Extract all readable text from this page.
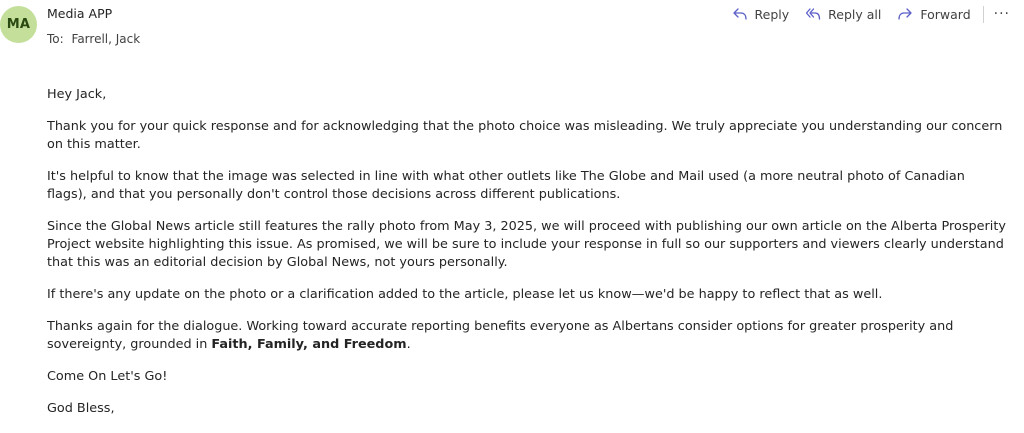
MA
Media APP
To: Farrell, Jack
Reply	Reply all	Forward ···

Hey Jack,

Thank you for your quick response and for acknowledging that the photo choice was misleading. We truly appreciate you understanding our concern on this matter.

It's helpful to know that the image was selected in line with what other outlets like The Globe and Mail used (a more neutral photo of Canadian flags), and that you personally don't control those decisions across different publications.

Since the Global News article still features the rally photo from May 3, 2025, we will proceed with publishing our own article on the Alberta Prosperity Project website highlighting this issue. As promised, we will be sure to include your response in full so our supporters and viewers clearly understand that this was an editorial decision by Global News, not yours personally.

If there's any update on the photo or a clarification added to the article, please let us know—we'd be happy to reflect that as well.

Thanks again for the dialogue. Working toward accurate reporting benefits everyone as Albertans consider options for greater prosperity and sovereignty, grounded in Faith, Family, and Freedom.

Come On Let's Go!

God Bless,
